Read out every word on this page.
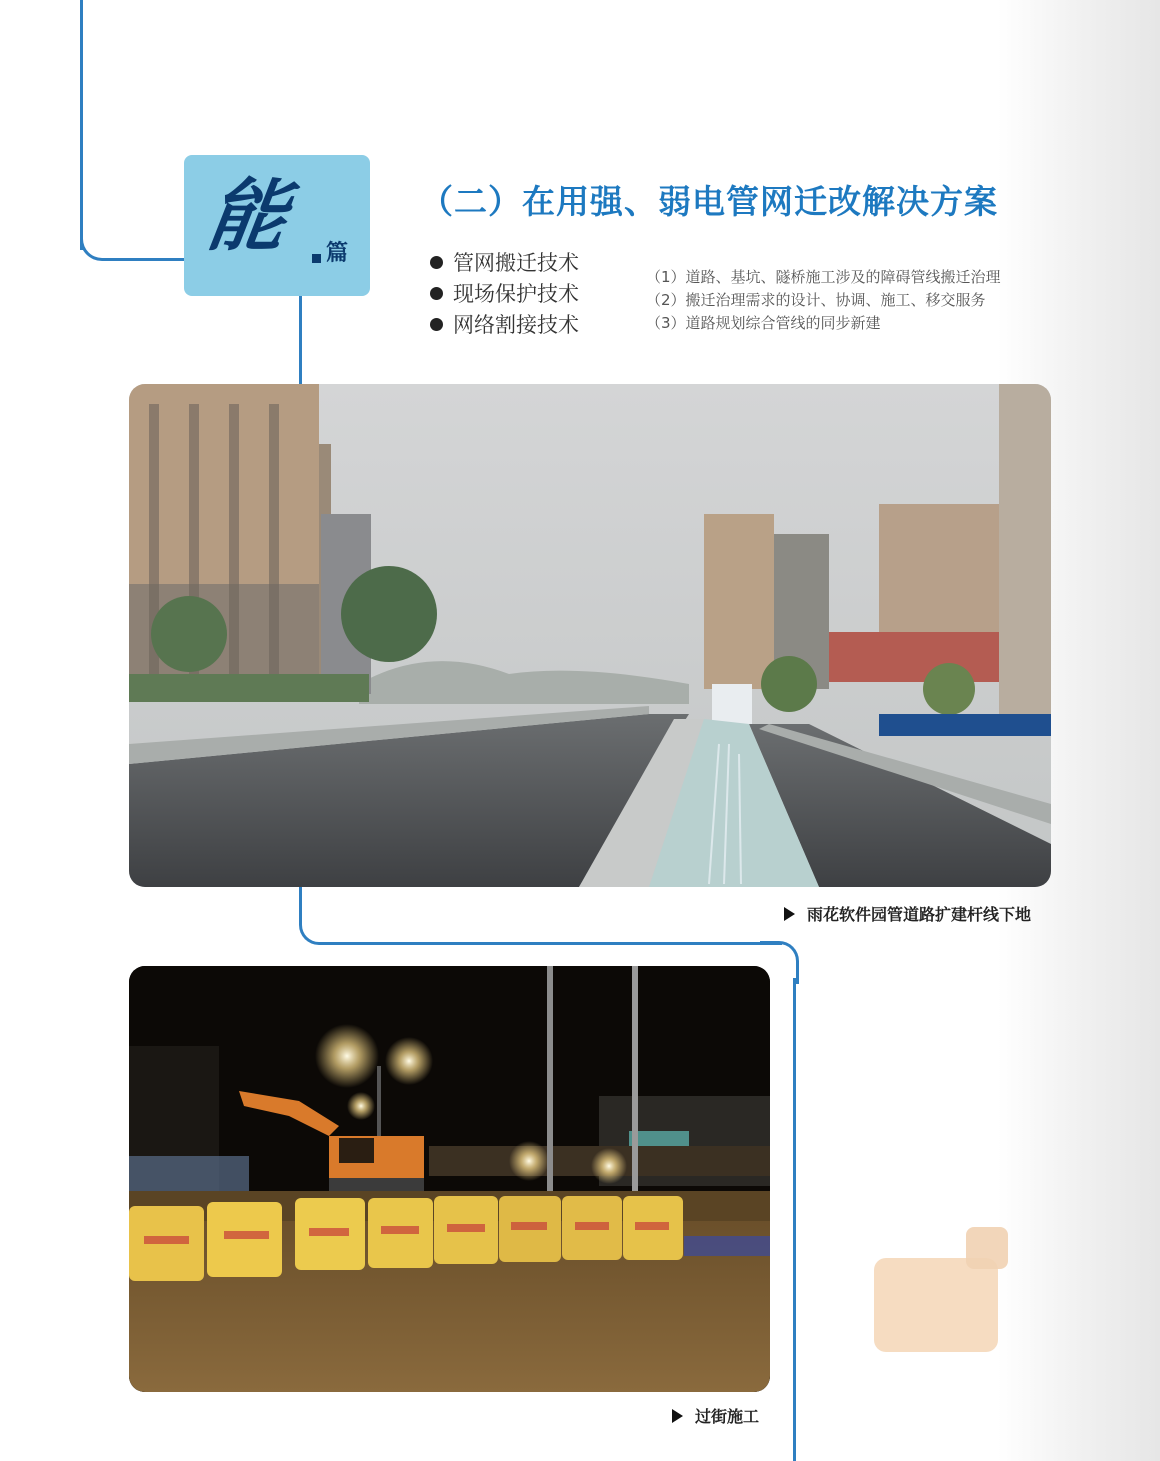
能 篇
（二）在用强、弱电管网迁改解决方案
管网搬迁技术
现场保护技术
网络割接技术
（1）道路、基坑、隧桥施工涉及的障碍管线搬迁治理
（2）搬迁治理需求的设计、协调、施工、移交服务
（3）道路规划综合管线的同步新建
雨花软件园管道路扩建杆线下地
过街施工
